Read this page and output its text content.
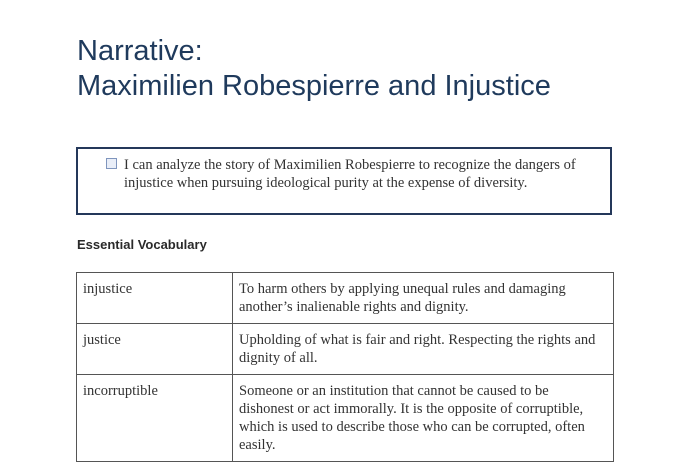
Narrative:
Maximilien Robespierre and Injustice

I can analyze the story of Maximilien Robespierre to recognize the dangers of injustice when pursuing ideological purity at the expense of diversity.

Essential Vocabulary
injustice	To harm others by applying unequal rules and damaging another’s inalienable rights and dignity.
justice	Upholding of what is fair and right. Respecting the rights and dignity of all.
incorruptible	Someone or an institution that cannot be caused to be dishonest or act immorally. It is the opposite of corruptible, which is used to describe those who can be corrupted, often easily.
